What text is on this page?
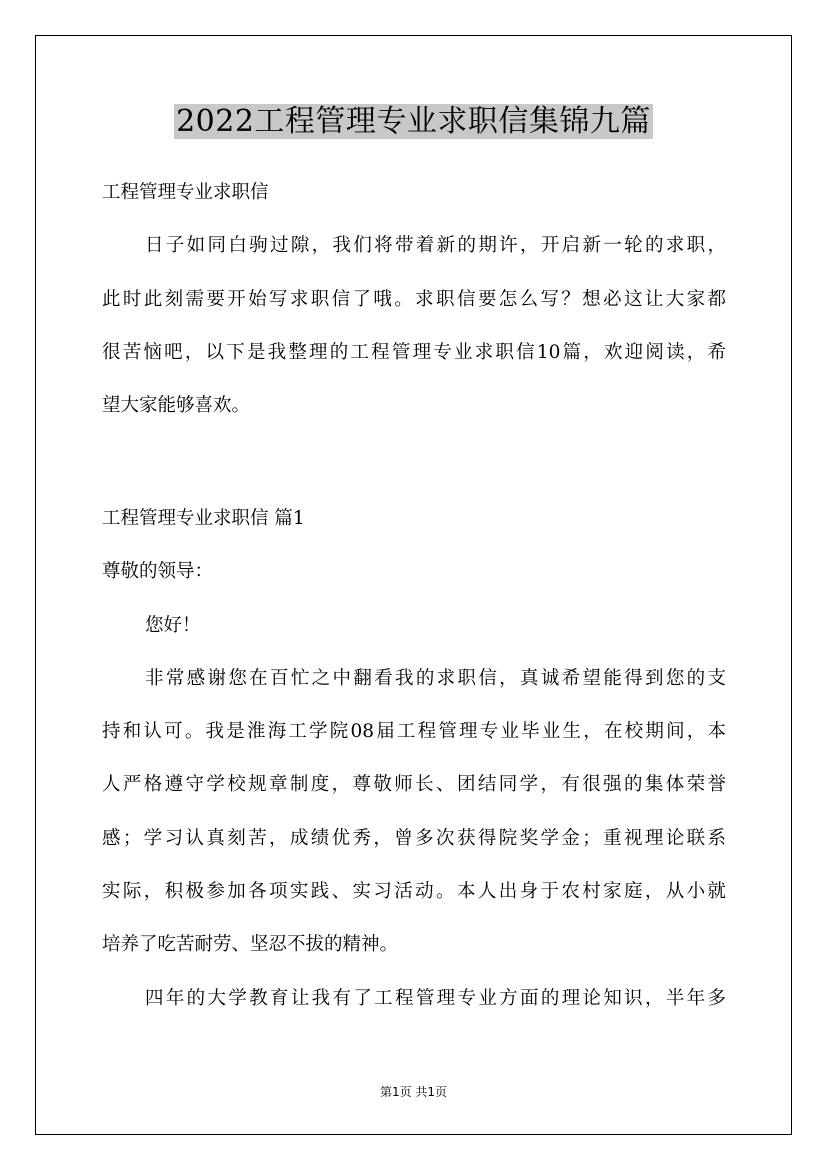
2022工程管理专业求职信集锦九篇
工程管理专业求职信
日子如同白驹过隙，我们将带着新的期许，开启新一轮的求职，
此时此刻需要开始写求职信了哦。求职信要怎么写？想必这让大家都
很苦恼吧，以下是我整理的工程管理专业求职信10篇，欢迎阅读，希
望大家能够喜欢。
工程管理专业求职信 篇1
尊敬的领导：
您好！
非常感谢您在百忙之中翻看我的求职信，真诚希望能得到您的支
持和认可。我是淮海工学院08届工程管理专业毕业生，在校期间，本
人严格遵守学校规章制度，尊敬师长、团结同学，有很强的集体荣誉
感；学习认真刻苦，成绩优秀，曾多次获得院奖学金；重视理论联系
实际，积极参加各项实践、实习活动。本人出身于农村家庭，从小就
培养了吃苦耐劳、坚忍不拔的精神。
四年的大学教育让我有了工程管理专业方面的理论知识，半年多
第1页 共1页
